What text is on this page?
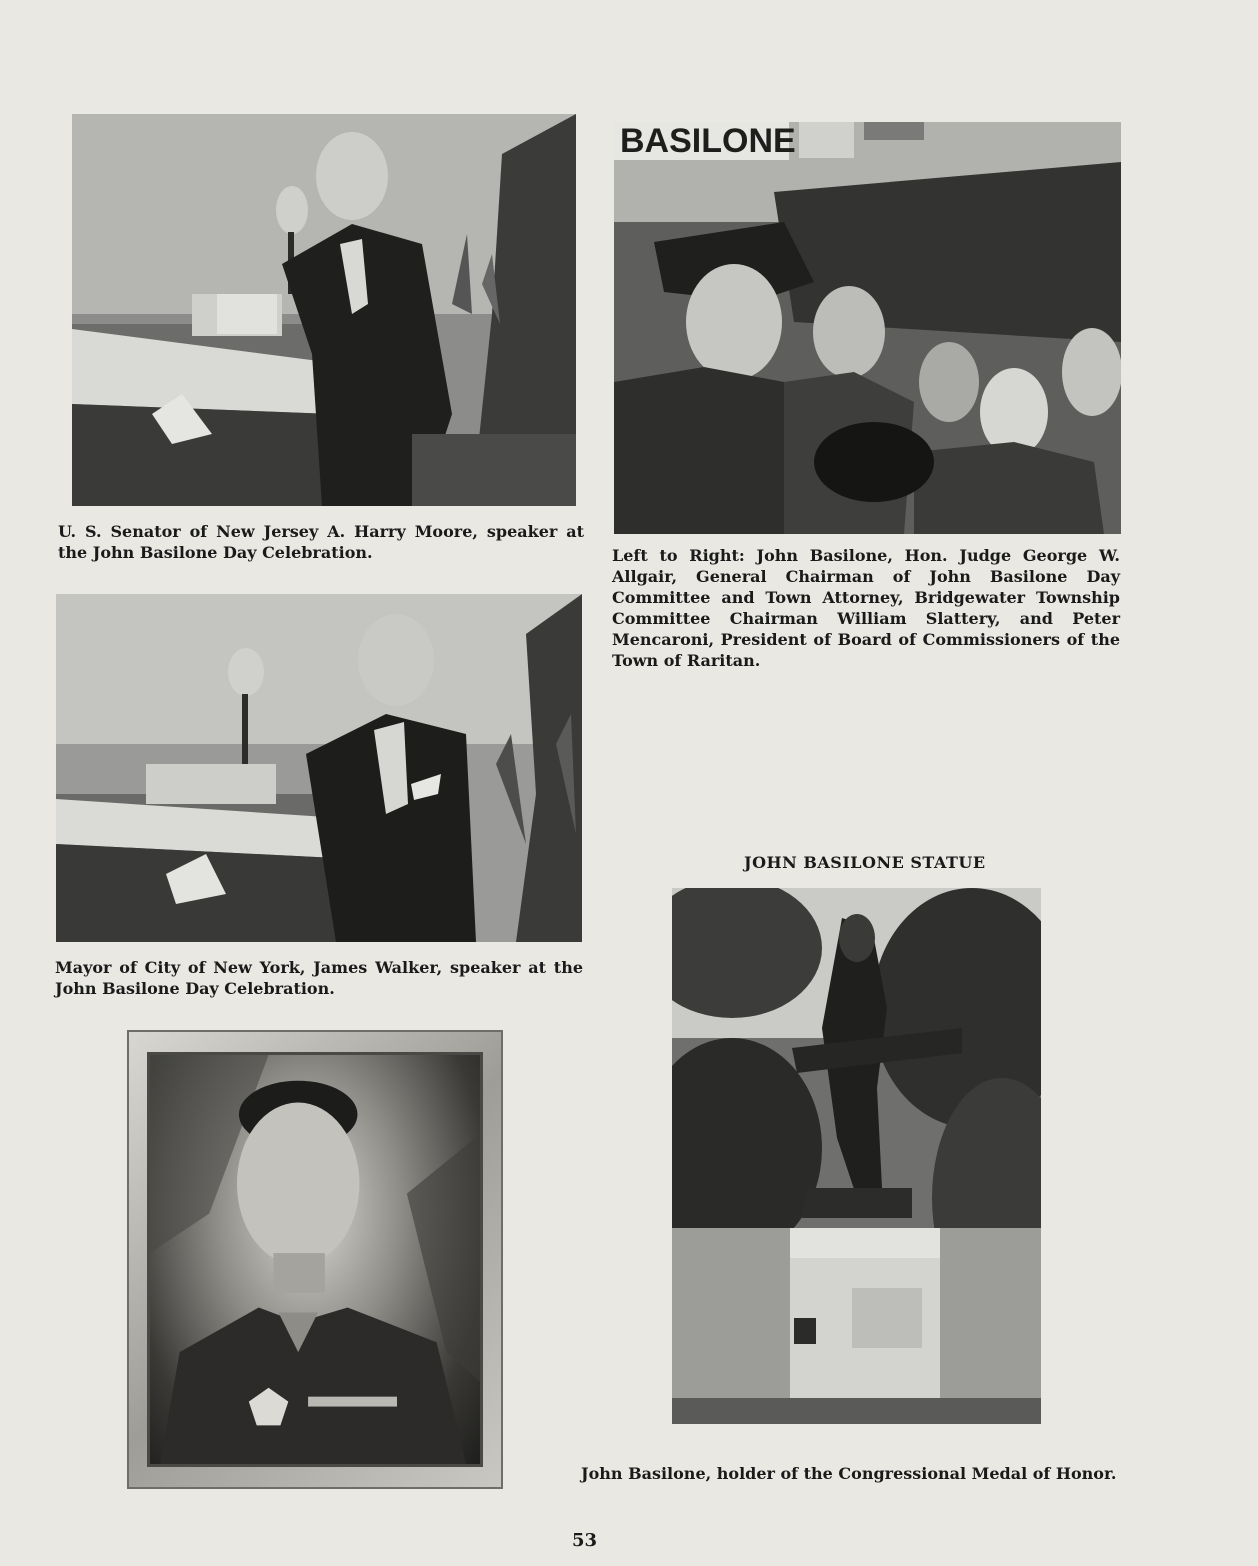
U. S. Senator of New Jersey A. Harry Moore, speaker at the John Basilone Day Celebration.

Mayor of City of New York, James Walker, speaker at the John Basilone Day Celebration.

BASILONE

Left to Right: John Basilone, Hon. Judge George W. Allgair, General Chairman of John Basilone Day Committee and Town Attorney, Bridgewater Township Committee Chairman William Slattery, and Peter Mencaroni, President of Board of Commissioners of the Town of Raritan.

JOHN BASILONE STATUE

John Basilone, holder of the Congressional Medal of Honor.

53
